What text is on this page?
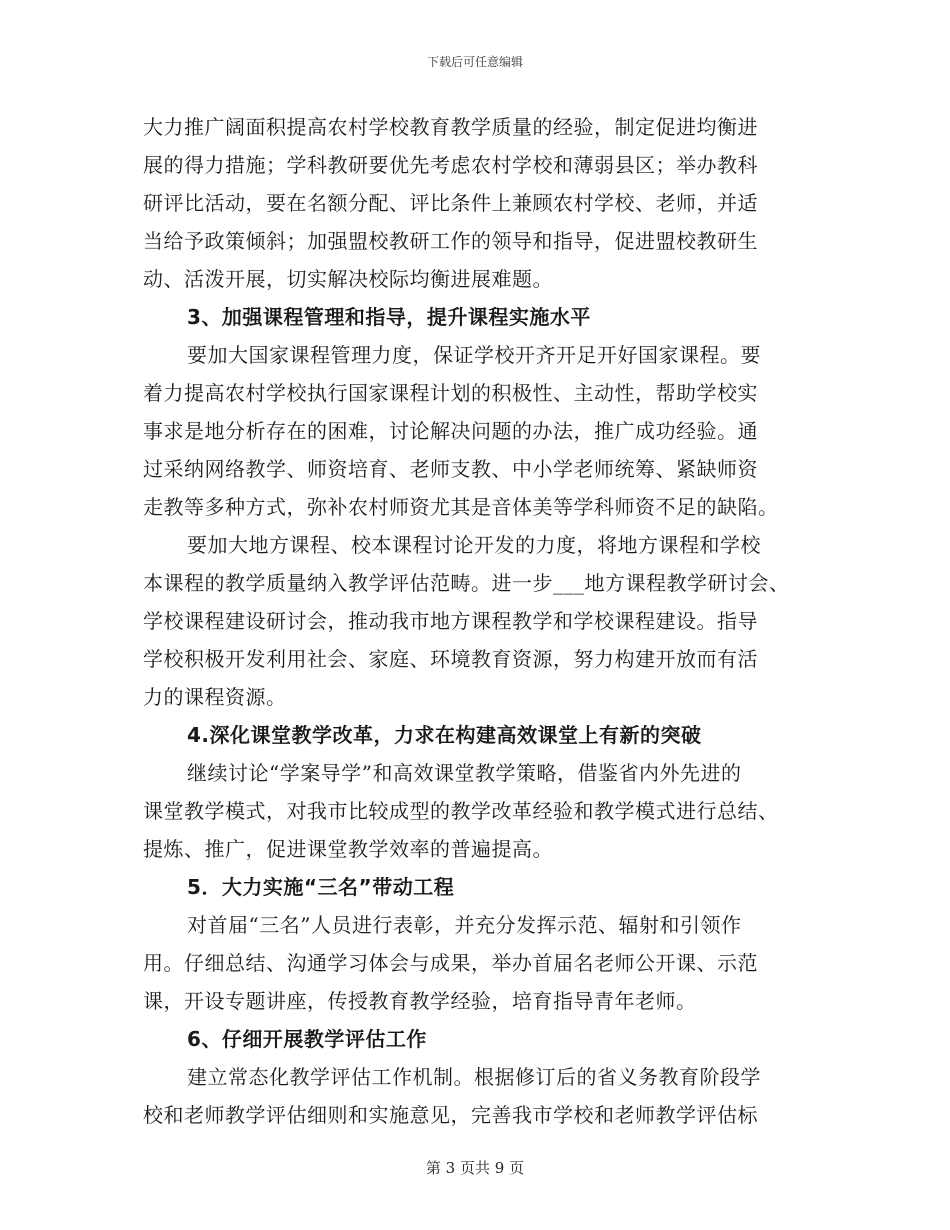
下载后可任意编辑
大力推广阔面积提高农村学校教育教学质量的经验，制定促进均衡进
展的得力措施；学科教研要优先考虑农村学校和薄弱县区；举办教科
研评比活动，要在名额分配、评比条件上兼顾农村学校、老师，并适
当给予政策倾斜；加强盟校教研工作的领导和指导，促进盟校教研生
动、活泼开展，切实解决校际均衡进展难题。
3、加强课程管理和指导，提升课程实施水平
要加大国家课程管理力度，保证学校开齐开足开好国家课程。要
着力提高农村学校执行国家课程计划的积极性、主动性，帮助学校实
事求是地分析存在的困难，讨论解决问题的办法，推广成功经验。通
过采纳网络教学、师资培育、老师支教、中小学老师统筹、紧缺师资
走教等多种方式，弥补农村师资尤其是音体美等学科师资不足的缺陷。
要加大地方课程、校本课程讨论开发的力度，将地方课程和学校
本课程的教学质量纳入教学评估范畴。进一步___地方课程教学研讨会、
学校课程建设研讨会，推动我市地方课程教学和学校课程建设。指导
学校积极开发利用社会、家庭、环境教育资源，努力构建开放而有活
力的课程资源。
4.深化课堂教学改革，力求在构建高效课堂上有新的突破
继续讨论“学案导学”和高效课堂教学策略，借鉴省内外先进的
课堂教学模式，对我市比较成型的教学改革经验和教学模式进行总结、
提炼、推广，促进课堂教学效率的普遍提高。
5．大力实施“三名”带动工程
对首届“三名”人员进行表彰，并充分发挥示范、辐射和引领作
用。仔细总结、沟通学习体会与成果，举办首届名老师公开课、示范
课，开设专题讲座，传授教育教学经验，培育指导青年老师。
6、仔细开展教学评估工作
建立常态化教学评估工作机制。根据修订后的省义务教育阶段学
校和老师教学评估细则和实施意见，完善我市学校和老师教学评估标
第 3 页共 9 页
